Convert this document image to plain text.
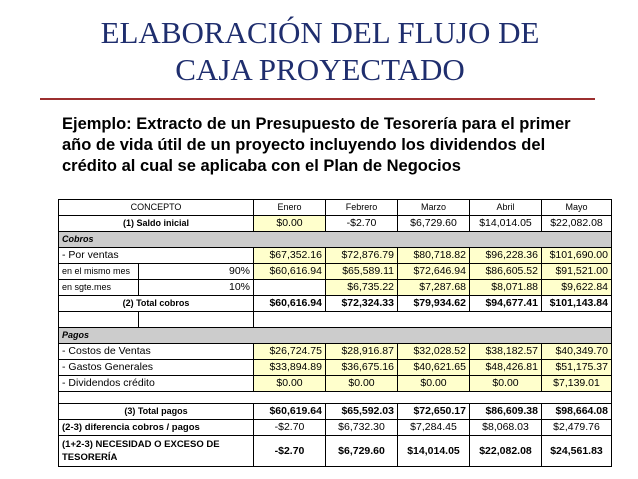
ELABORACIÓN DEL FLUJO DE
CAJA PROYECTADO
Ejemplo: Extracto de un Presupuesto de Tesorería para el primer año de vida útil de un proyecto incluyendo los dividendos del crédito al cual se aplicaba con el Plan de Negocios
CONCEPTO		Enero	Febrero	Marzo	Abril	Mayo
(1) Saldo inicial		$0.00	-$2.70	$6,729.60	$14,014.05	$22,082.08
Cobros						
- Por ventas		$67,352.16	$72,876.79	$80,718.82	$96,228.36	$101,690.00
en el mismo mes	90%	$60,616.94	$65,589.11	$72,646.94	$86,605.52	$91,521.00
en sgte.mes	10%		$6,735.22	$7,287.68	$8,071.88	$9,622.84
(2) Total cobros		$60,616.94	$72,324.33	$79,934.62	$94,677.41	$101,143.84

Pagos						
- Costos de Ventas		$26,724.75	$28,916.87	$32,028.52	$38,182.57	$40,349.70
- Gastos Generales		$33,894.89	$36,675.16	$40,621.65	$48,426.81	$51,175.37
- Dividendos crédito		$0.00	$0.00	$0.00	$0.00	$7,139.01

(3) Total pagos		$60,619.64	$65,592.03	$72,650.17	$86,609.38	$98,664.08
(2-3) diferencia cobros / pagos		-$2.70	$6,732.30	$7,284.45	$8,068.03	$2,479.76
(1+2-3) NECESIDAD O EXCESO DE TESORERÍA		-$2.70	$6,729.60	$14,014.05	$22,082.08	$24,561.83
